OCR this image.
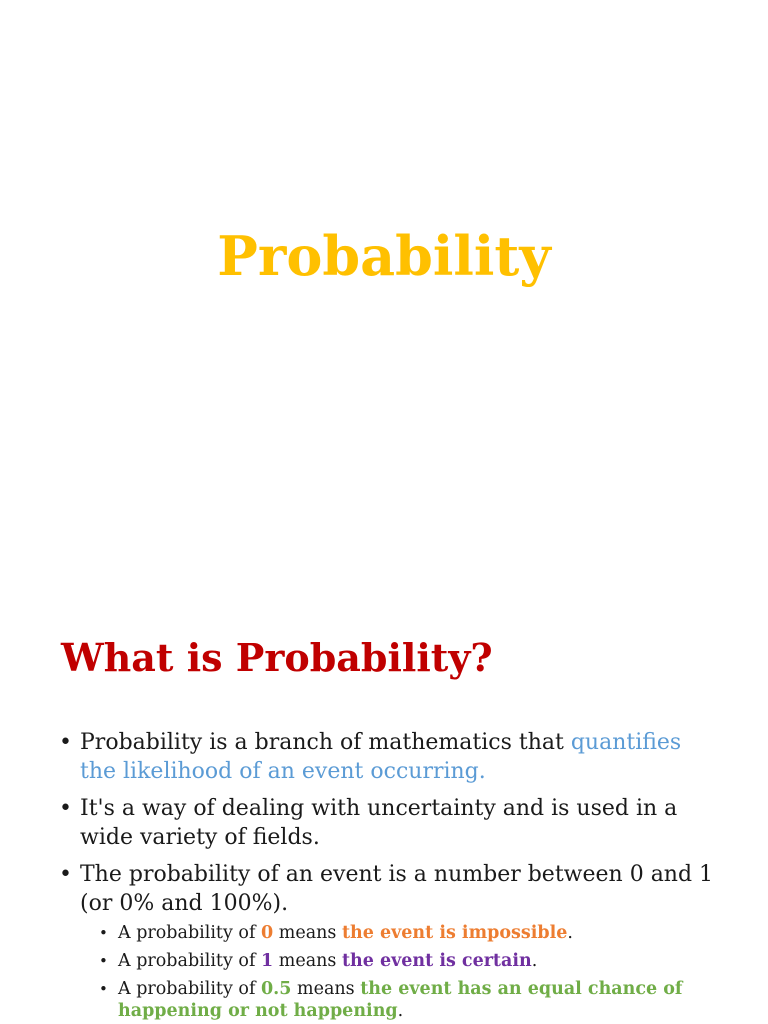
Probability
What is Probability?
• Probability is a branch of mathematics that quantifies the likelihood of an event occurring.
• It's a way of dealing with uncertainty and is used in a wide variety of fields.
• The probability of an event is a number between 0 and 1 (or 0% and 100%).
• A probability of 0 means the event is impossible.
• A probability of 1 means the event is certain.
• A probability of 0.5 means the event has an equal chance of happening or not happening.
